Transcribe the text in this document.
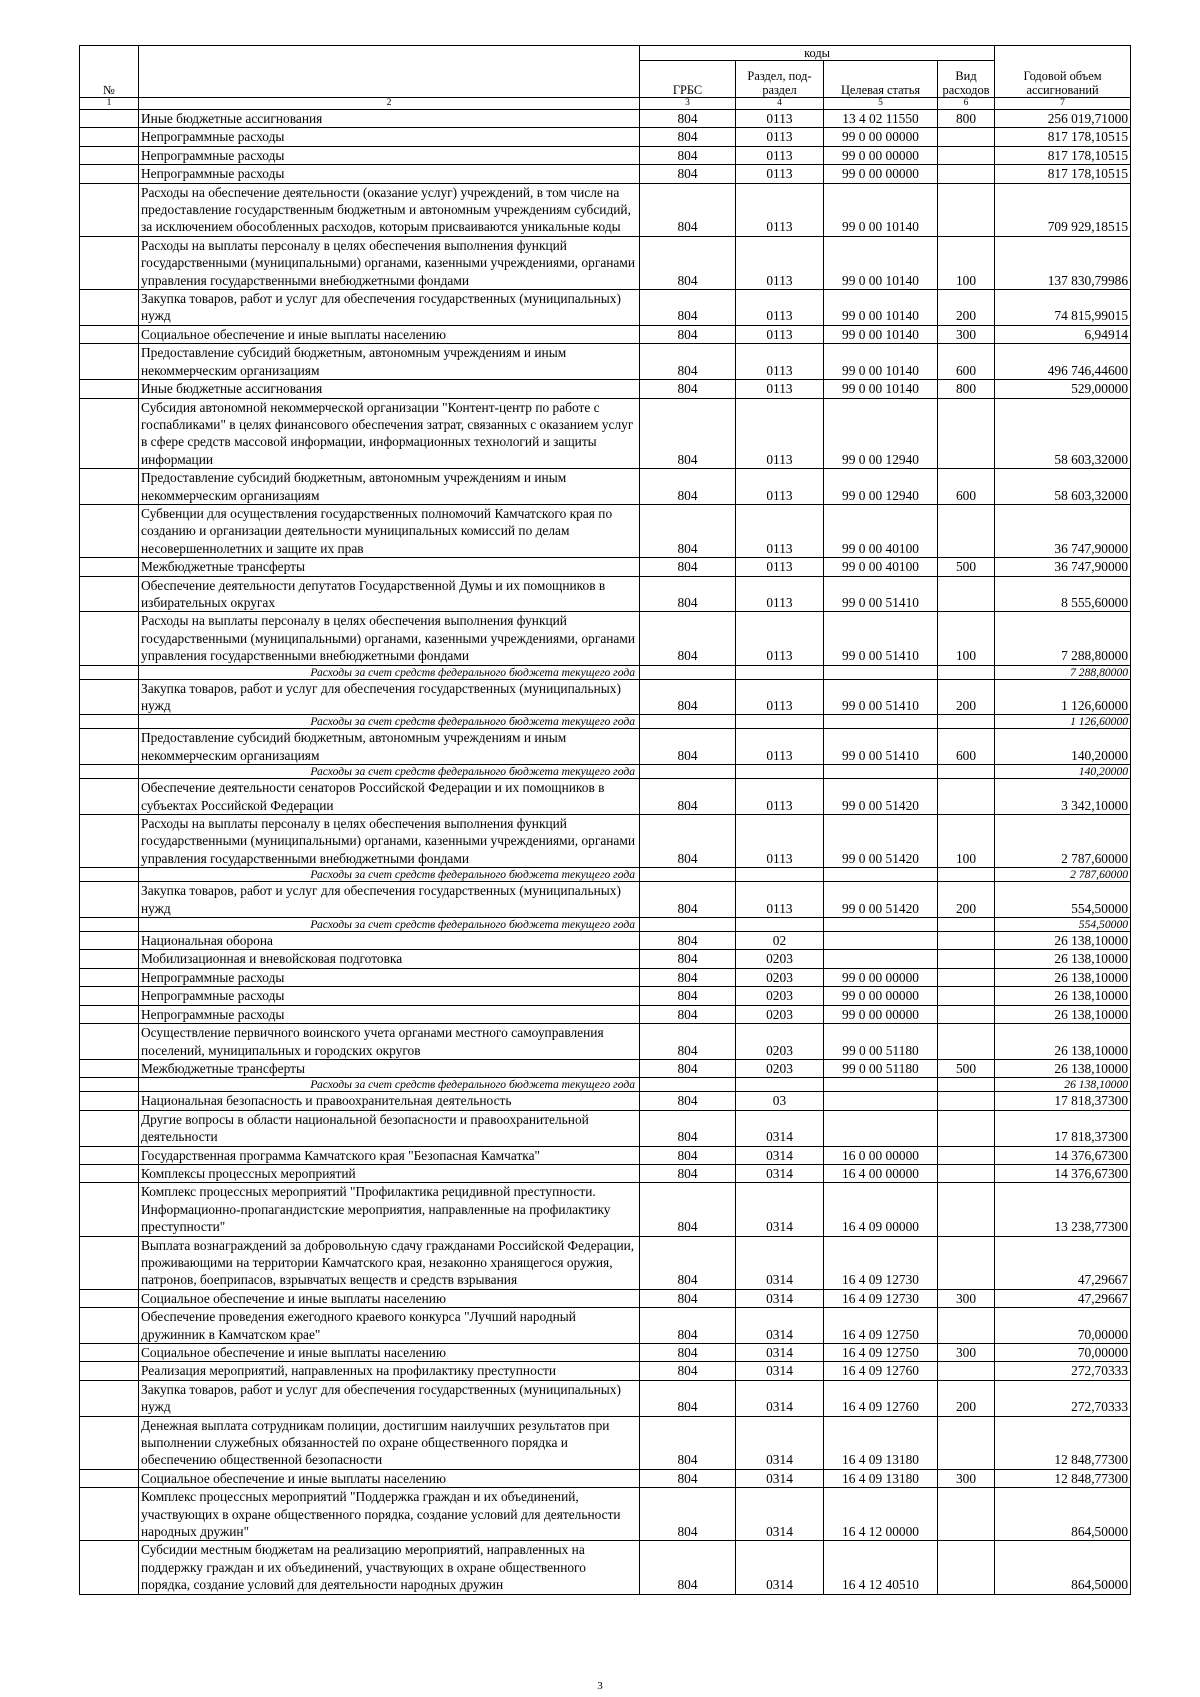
№		коды				Годовой объем ассигнований
		ГРБС	Раздел, под-раздел	Целевая статья	Вид расходов	
1	2	3	4	5	6	7
	Иные бюджетные ассигнования	804	0113	13 4 02 11550	800	256 019,71000
	Непрограммные расходы	804	0113	99 0 00 00000		817 178,10515
	Непрограммные расходы	804	0113	99 0 00 00000		817 178,10515
	Непрограммные расходы	804	0113	99 0 00 00000		817 178,10515
	Расходы на обеспечение деятельности (оказание услуг) учреждений, в том числе на предоставление государственным бюджетным и автономным учреждениям субсидий, за исключением обособленных расходов, которым присваиваются уникальные коды	804	0113	99 0 00 10140		709 929,18515
	Расходы на выплаты персоналу в целях обеспечения выполнения функций государственными (муниципальными) органами, казенными учреждениями, органами управления государственными внебюджетными фондами	804	0113	99 0 00 10140	100	137 830,79986
	Закупка товаров, работ и услуг для обеспечения государственных (муниципальных) нужд	804	0113	99 0 00 10140	200	74 815,99015
	Социальное обеспечение и иные выплаты населению	804	0113	99 0 00 10140	300	6,94914
	Предоставление субсидий бюджетным, автономным учреждениям и иным некоммерческим организациям	804	0113	99 0 00 10140	600	496 746,44600
	Иные бюджетные ассигнования	804	0113	99 0 00 10140	800	529,00000
	Субсидия автономной некоммерческой организации "Контент-центр по работе с госпабликами" в целях финансового обеспечения затрат, связанных с оказанием услуг в сфере средств массовой информации, информационных технологий и защиты информации	804	0113	99 0 00 12940		58 603,32000
	Предоставление субсидий бюджетным, автономным учреждениям и иным некоммерческим организациям	804	0113	99 0 00 12940	600	58 603,32000
	Субвенции для осуществления государственных полномочий Камчатского края по созданию и организации деятельности муниципальных комиссий по делам несовершеннолетних и защите их прав	804	0113	99 0 00 40100		36 747,90000
	Межбюджетные трансферты	804	0113	99 0 00 40100	500	36 747,90000
	Обеспечение деятельности депутатов Государственной Думы и их помощников в избирательных округах	804	0113	99 0 00 51410		8 555,60000
	Расходы на выплаты персоналу в целях обеспечения выполнения функций государственными (муниципальными) органами, казенными учреждениями, органами управления государственными внебюджетными фондами	804	0113	99 0 00 51410	100	7 288,80000
	Расходы за счет средств федерального бюджета текущего года					7 288,80000
	Закупка товаров, работ и услуг для обеспечения государственных (муниципальных) нужд	804	0113	99 0 00 51410	200	1 126,60000
	Расходы за счет средств федерального бюджета текущего года					1 126,60000
	Предоставление субсидий бюджетным, автономным учреждениям и иным некоммерческим организациям	804	0113	99 0 00 51410	600	140,20000
	Расходы за счет средств федерального бюджета текущего года					140,20000
	Обеспечение деятельности сенаторов Российской Федерации и их помощников в субъектах Российской Федерации	804	0113	99 0 00 51420		3 342,10000
	Расходы на выплаты персоналу в целях обеспечения выполнения функций государственными (муниципальными) органами, казенными учреждениями, органами управления государственными внебюджетными фондами	804	0113	99 0 00 51420	100	2 787,60000
	Расходы за счет средств федерального бюджета текущего года					2 787,60000
	Закупка товаров, работ и услуг для обеспечения государственных (муниципальных) нужд	804	0113	99 0 00 51420	200	554,50000
	Расходы за счет средств федерального бюджета текущего года					554,50000
	Национальная оборона	804	02			26 138,10000
	Мобилизационная и вневойсковая подготовка	804	0203			26 138,10000
	Непрограммные расходы	804	0203	99 0 00 00000		26 138,10000
	Непрограммные расходы	804	0203	99 0 00 00000		26 138,10000
	Непрограммные расходы	804	0203	99 0 00 00000		26 138,10000
	Осуществление первичного воинского учета органами местного самоуправления поселений, муниципальных и городских округов	804	0203	99 0 00 51180		26 138,10000
	Межбюджетные трансферты	804	0203	99 0 00 51180	500	26 138,10000
	Расходы за счет средств федерального бюджета текущего года					26 138,10000
	Национальная безопасность и правоохранительная деятельность	804	03			17 818,37300
	Другие вопросы в области национальной безопасности и правоохранительной деятельности	804	0314			17 818,37300
	Государственная программа Камчатского края "Безопасная Камчатка"	804	0314	16 0 00 00000		14 376,67300
	Комплексы процессных мероприятий	804	0314	16 4 00 00000		14 376,67300
	Комплекс процессных мероприятий "Профилактика рецидивной преступности. Информационно-пропагандистские мероприятия, направленные на профилактику преступности"	804	0314	16 4 09 00000		13 238,77300
	Выплата вознаграждений за добровольную сдачу гражданами Российской Федерации, проживающими на территории Камчатского края, незаконно хранящегося оружия, патронов, боеприпасов, взрывчатых веществ и средств взрывания	804	0314	16 4 09 12730		47,29667
	Социальное обеспечение и иные выплаты населению	804	0314	16 4 09 12730	300	47,29667
	Обеспечение проведения ежегодного краевого конкурса "Лучший народный дружинник в Камчатском крае"	804	0314	16 4 09 12750		70,00000
	Социальное обеспечение и иные выплаты населению	804	0314	16 4 09 12750	300	70,00000
	Реализация мероприятий, направленных на профилактику преступности	804	0314	16 4 09 12760		272,70333
	Закупка товаров, работ и услуг для обеспечения государственных (муниципальных) нужд	804	0314	16 4 09 12760	200	272,70333
	Денежная выплата сотрудникам полиции, достигшим наилучших результатов при выполнении служебных обязанностей по охране общественного порядка и обеспечению общественной безопасности	804	0314	16 4 09 13180		12 848,77300
	Социальное обеспечение и иные выплаты населению	804	0314	16 4 09 13180	300	12 848,77300
	Комплекс процессных мероприятий "Поддержка граждан и их объединений, участвующих в охране общественного порядка, создание условий для деятельности народных дружин"	804	0314	16 4 12 00000		864,50000
	Субсидии местным бюджетам на реализацию мероприятий, направленных на поддержку граждан и их объединений, участвующих в охране общественного порядка, создание условий для деятельности народных дружин	804	0314	16 4 12 40510		864,50000
3
